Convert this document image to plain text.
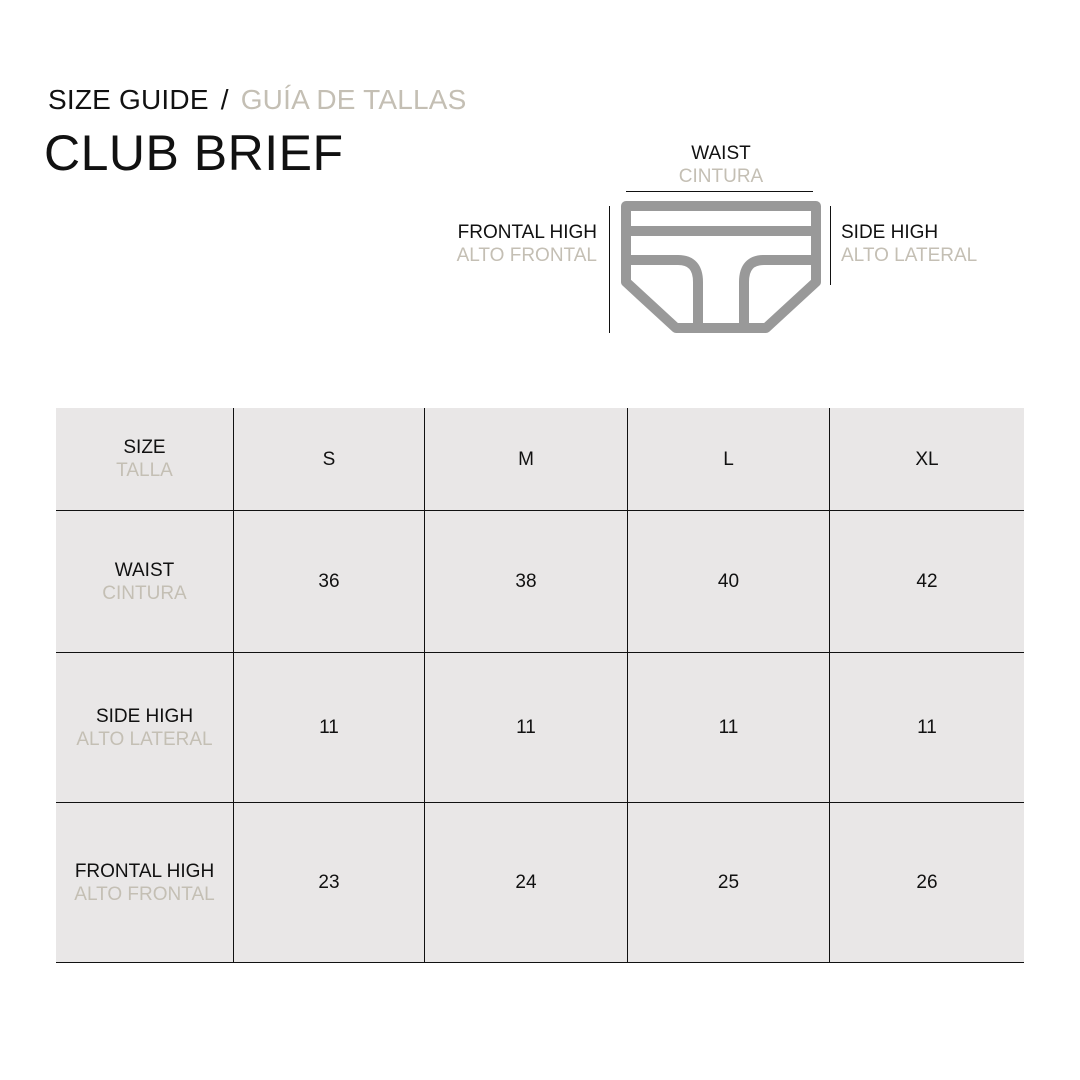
SIZE GUIDE / GUÍA DE TALLAS
CLUB BRIEF	WAIST
CINTURA
FRONTAL HIGH
ALTO FRONTAL
SIDE HIGH
ALTO LATERAL
SIZE
TALLA
S	M	L	XL
WAIST
CINTURA
36	38	40	42
SIDE HIGH
ALTO LATERAL
11	11	11	11
FRONTAL HIGH
ALTO FRONTAL
23	24	25	26
